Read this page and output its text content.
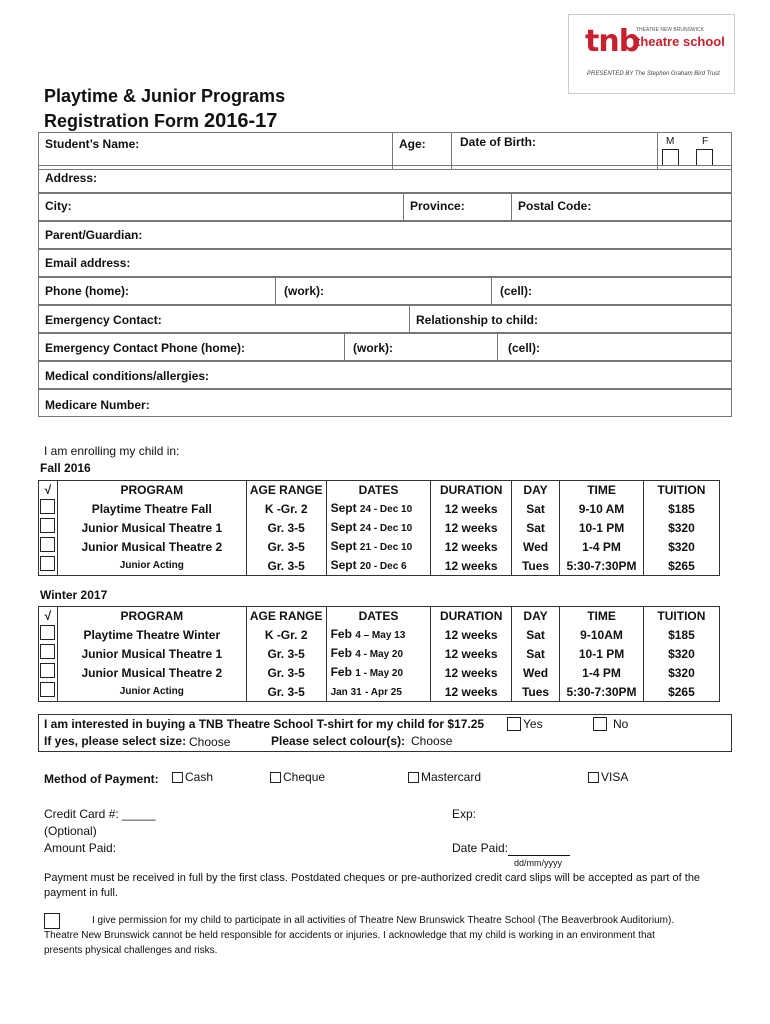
tnb
THEATRE NEW BRUNSWICK
theatre school
PRESENTED BY The Stephen Graham Bird Trust
Playtime & Junior Programs
Registration Form 2016-17
Student’s Name:	Age:	Date of Birth:	M	F
Address:
City:	Province:	Postal Code:
Parent/Guardian:
Email address:
Phone (home):	(work):	(cell):
Emergency Contact:	Relationship to child:
Emergency Contact Phone (home):	(work):	(cell):
Medical conditions/allergies:
Medicare Number:
I am enrolling my child in:
Fall 2016
√	PROGRAM	AGE RANGE	DATES	DURATION	DAY	TIME	TUITION
	Playtime Theatre Fall	K -Gr. 2	Sept 24 - Dec 10	12 weeks	Sat	9-10 AM	$185
	Junior Musical Theatre 1	Gr. 3-5	Sept 24 - Dec 10	12 weeks	Sat	10-1 PM	$320
	Junior Musical Theatre 2	Gr. 3-5	Sept 21 - Dec 10	12 weeks	Wed	1-4 PM	$320
	Junior Acting	Gr. 3-5	Sept 20 - Dec 6	12 weeks	Tues	5:30-7:30PM	$265
Winter 2017
√	PROGRAM	AGE RANGE	DATES	DURATION	DAY	TIME	TUITION
	Playtime Theatre Winter	K -Gr. 2	Feb 4 – May 13	12 weeks	Sat	9-10AM	$185
	Junior Musical Theatre 1	Gr. 3-5	Feb 4 - May 20	12 weeks	Sat	10-1 PM	$320
	Junior Musical Theatre 2	Gr. 3-5	Feb 1 - May 20	12 weeks	Wed	1-4 PM	$320
	Junior Acting	Gr. 3-5	Jan 31 - Apr 25	12 weeks	Tues	5:30-7:30PM	$265
I am interested in buying a TNB Theatre School T-shirt for my child for $17.25	Yes	No
If yes, please select size: Choose	Please select colour(s): Choose
Method of Payment:	Cash	Cheque	Mastercard	VISA
Credit Card #: _____
(Optional)
Amount Paid:
Exp:
Date Paid:
dd/mm/yyyy
Payment must be received in full by the first class. Postdated cheques or pre-authorized credit card slips will be accepted as part of the payment in full.
I give permission for my child to participate in all activities of Theatre New Brunswick Theatre School (The Beaverbrook Auditorium).
Theatre New Brunswick cannot be held responsible for accidents or injuries. I acknowledge that my child is working in an environment that
presents physical challenges and risks.
